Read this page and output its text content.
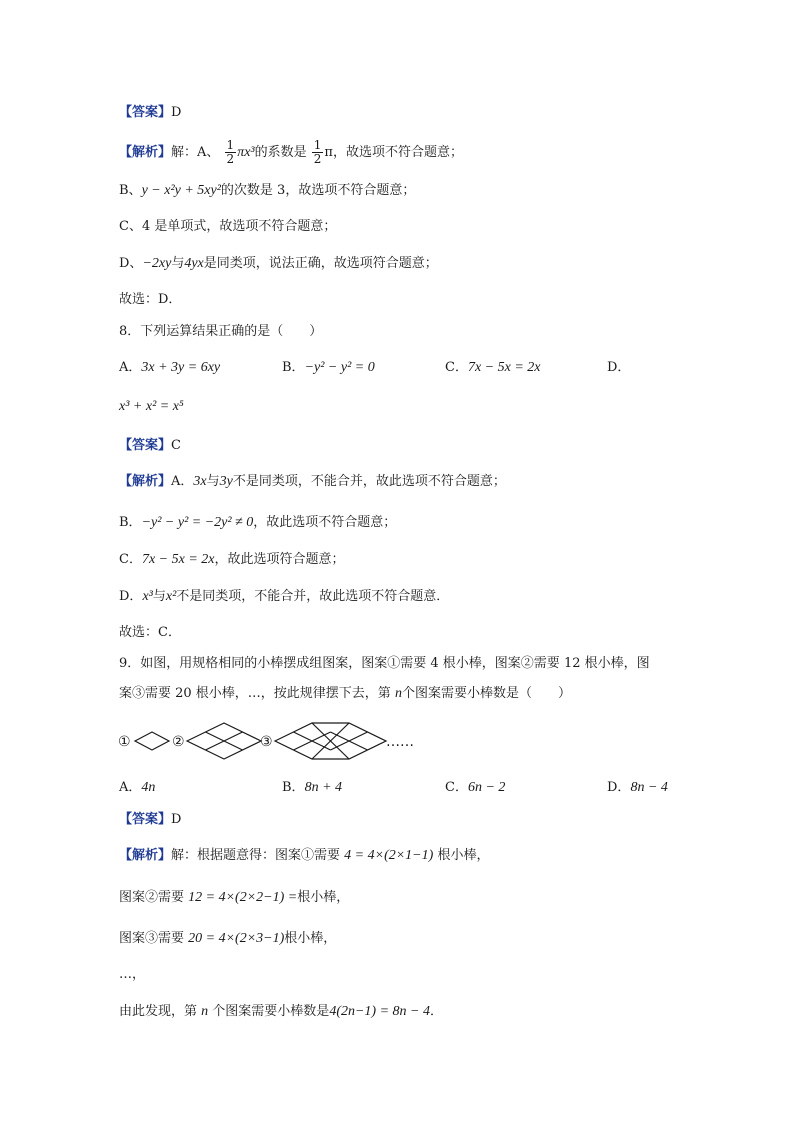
【答案】D
【解析】解：A、 $\frac{1}{2} \pi x^3$的系数是 $\frac{1}{2}$ π，故选项不符合题意；
B、y − x²y + 5xy²的次数是 3，故选项不符合题意；
C、4 是单项式，故选项不符合题意；
D、−2xy与4yx是同类项，说法正确，故选项符合题意；
故选：D．
8．下列运算结果正确的是（　　）
A．3x + 3y = 6xy	B．−y² − y² = 0	C．7x − 5x = 2x	D．
x³ + x² = x⁵
【答案】C
【解析】A．3x与3y不是同类项，不能合并，故此选项不符合题意；
B．−y² − y² = −2y² ≠ 0，故此选项不符合题意；
C．7x − 5x = 2x，故此选项符合题意；
D．x³与x²不是同类项，不能合并，故此选项不符合题意．
故选：C．
9．如图，用规格相同的小棒摆成组图案，图案①需要 4 根小棒，图案②需要 12 根小棒，图
案③需要 20 根小棒，…，按此规律摆下去，第 n个图案需要小棒数是（　　）
①	②	③	……
A．4n	B．8n + 4	C．6n − 2	D．8n − 4
【答案】D
【解析】解：根据题意得：图案①需要 4 = 4×(2×1−1) 根小棒，
图案②需要 12 = 4×(2×2−1) =根小棒，
图案③需要 20 = 4×(2×3−1)根小棒，
…，
由此发现，第 n 个图案需要小棒数是4(2n−1) = 8n − 4．
